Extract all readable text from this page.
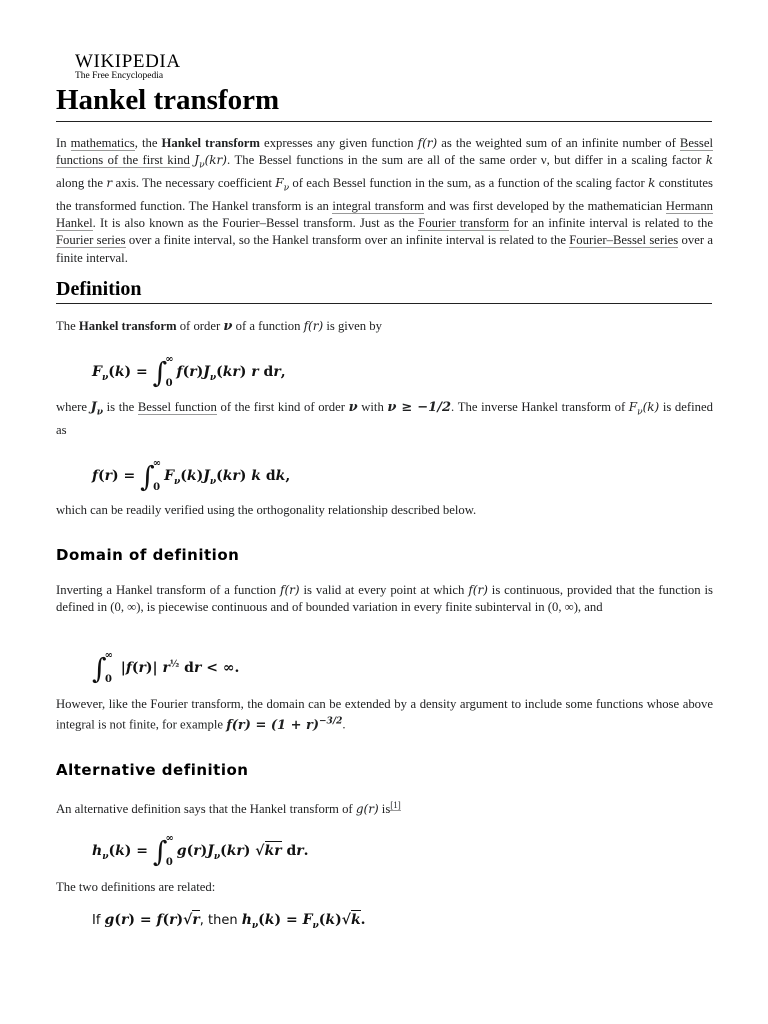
WIKIPEDIA
The Free Encyclopedia
Hankel transform

In mathematics, the Hankel transform expresses any given function f(r) as the weighted sum of an infinite number of Bessel functions of the first kind $J_\nu(kr)$. The Bessel functions in the sum are all of the same order ν, but differ in a scaling factor k along the r axis. The necessary coefficient $F_\nu$ of each Bessel function in the sum, as a function of the scaling factor k constitutes the transformed function. The Hankel transform is an integral transform and was first developed by the mathematician Hermann Hankel. It is also known as the Fourier–Bessel transform. Just as the Fourier transform for an infinite interval is related to the Fourier series over a finite interval, so the Hankel transform over an infinite interval is related to the Fourier–Bessel series over a finite interval.

Definition

The Hankel transform of order ν of a function f(r) is given by

$F_\nu(k) = \int^\infty_0f(r)J_\nu(kr)$ r dr,

where $J_\nu$ is the Bessel function of the first kind of order ν with ν ≥ −1/2. The inverse Hankel transform of $F_\nu(k)$ is defined as

$f(r) = \int^\infty_0F_\nu(k)J_\nu(kr)$ k dk,

which can be readily verified using the orthogonality relationship described below.

Domain of definition

Inverting a Hankel transform of a function f(r) is valid at every point at which f(r) is continuous, provided that the function is defined in (0, ∞), is piecewise continuous and of bounded variation in every finite subinterval in (0, ∞), and

$\int^\infty_0$ |f(r)| $r^{\frac{1}{2}}$ dr < ∞.

However, like the Fourier transform, the domain can be extended by a density argument to include some functions whose above integral is not finite, for example $f(r) = (1 + r)^{-3/2}$.

Alternative definition

An alternative definition says that the Hankel transform of g(r) is[1]

$h_\nu(k) = \int^\infty_0g(r)J_\nu(kr)$ √kr dr.

The two definitions are related:

If g(r) = f(r)√r, then $h_\nu(k) = F_\nu(k)√k$.
